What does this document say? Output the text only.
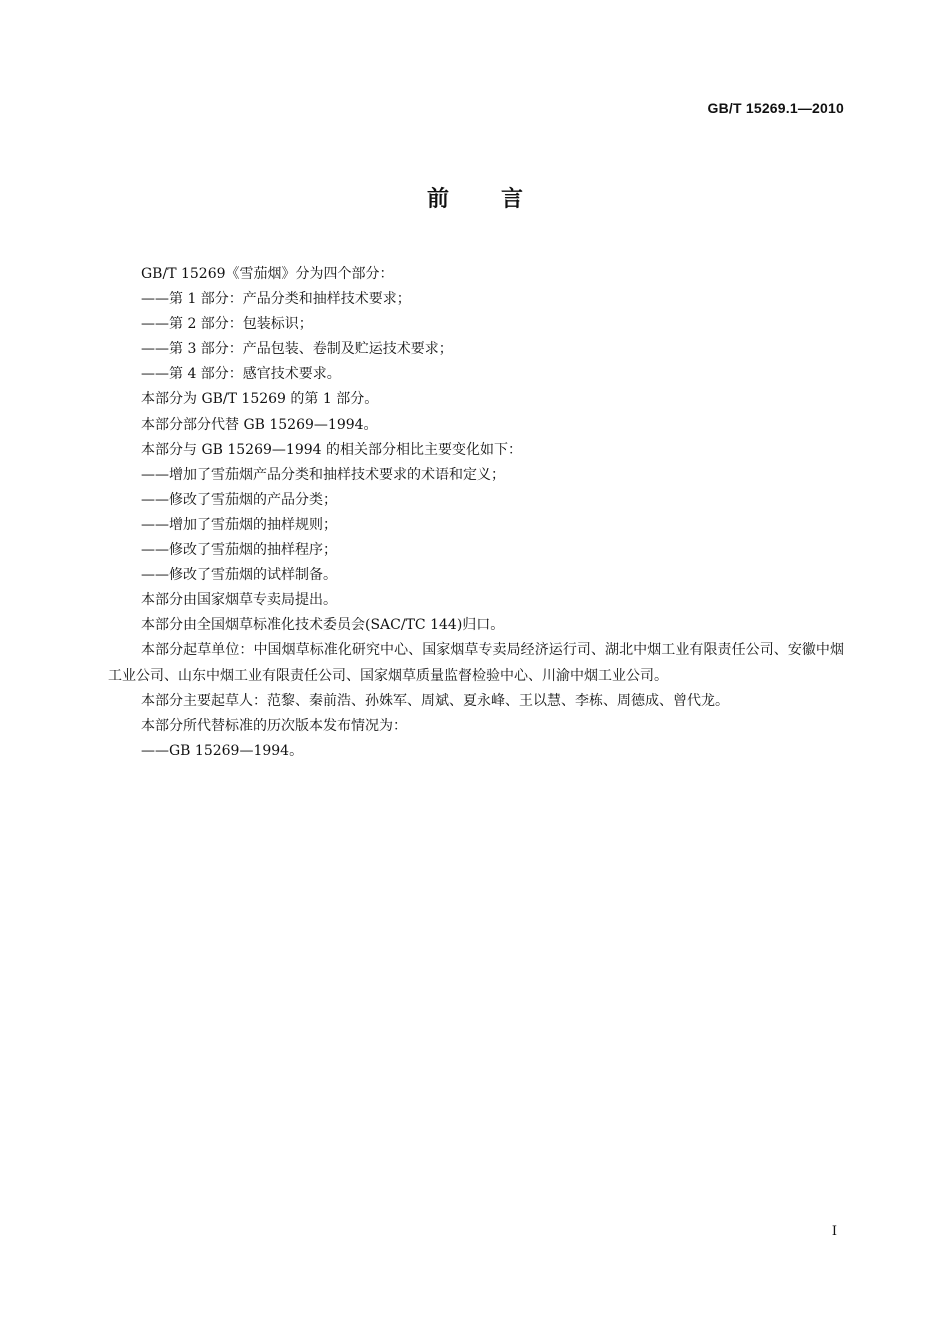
GB/T 15269.1—2010
前言

GB/T 15269《雪茄烟》分为四个部分：

——第 1 部分：产品分类和抽样技术要求；

——第 2 部分：包装标识；

——第 3 部分：产品包装、卷制及贮运技术要求；

——第 4 部分：感官技术要求。

本部分为 GB/T 15269 的第 1 部分。

本部分部分代替 GB 15269—1994。

本部分与 GB 15269—1994 的相关部分相比主要变化如下：

——增加了雪茄烟产品分类和抽样技术要求的术语和定义；

——修改了雪茄烟的产品分类；

——增加了雪茄烟的抽样规则；

——修改了雪茄烟的抽样程序；

——修改了雪茄烟的试样制备。

本部分由国家烟草专卖局提出。

本部分由全国烟草标准化技术委员会(SAC/TC 144)归口。

本部分起草单位：中国烟草标准化研究中心、国家烟草专卖局经济运行司、湖北中烟工业有限责任公司、安徽中烟工业公司、山东中烟工业有限责任公司、国家烟草质量监督检验中心、川渝中烟工业公司。

本部分主要起草人：范黎、秦前浩、孙姝军、周斌、夏永峰、王以慧、李栋、周德成、曾代龙。

本部分所代替标准的历次版本发布情况为：

——GB 15269—1994。

I
